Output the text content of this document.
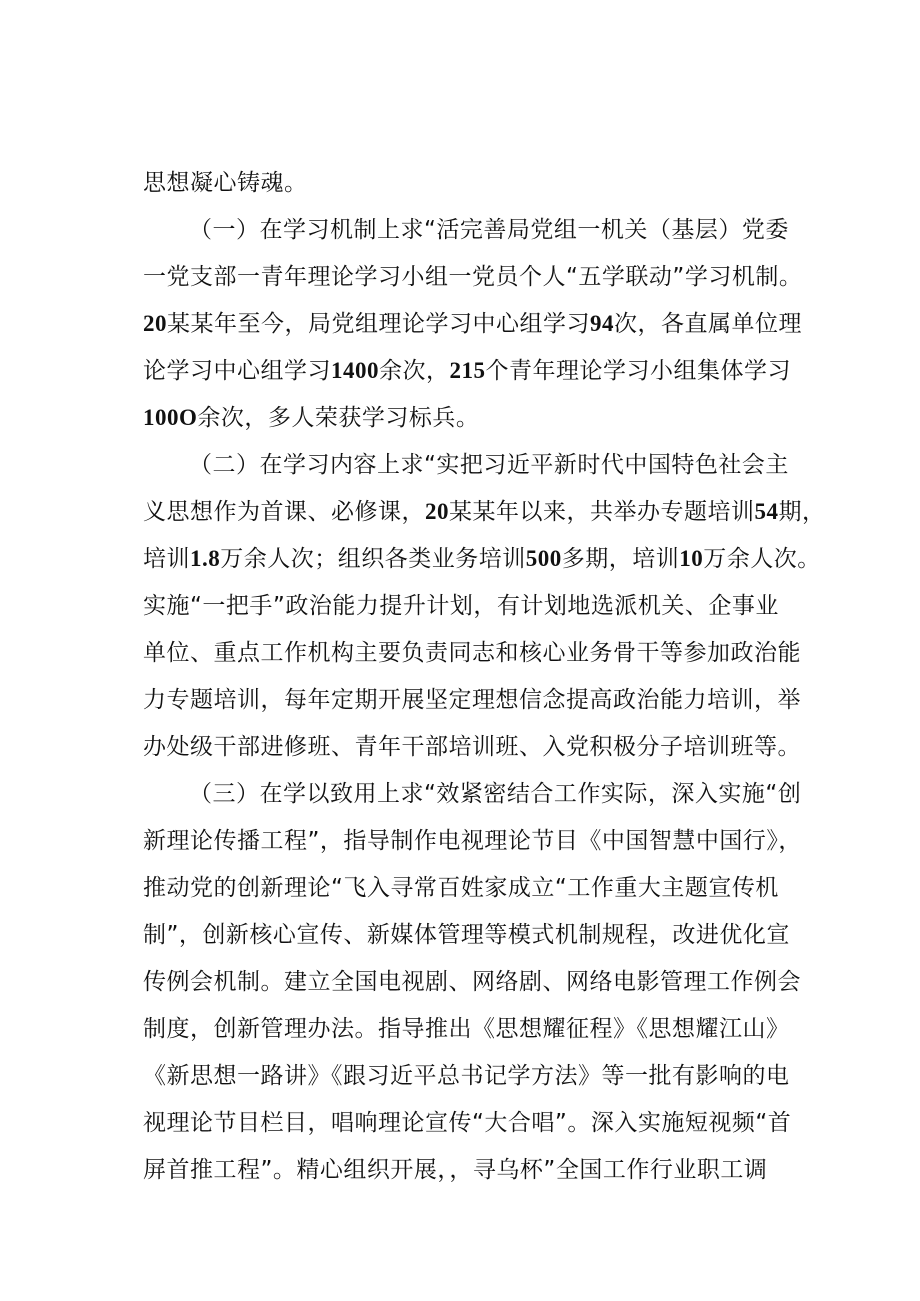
思想凝心铸魂。
（一）在学习机制上求“活完善局党组一机关（基层）党委
一党支部一青年理论学习小组一党员个人“五学联动”学习机制。
20某某年至今，局党组理论学习中心组学习94次，各直属单位理
论学习中心组学习1400余次，215个青年理论学习小组集体学习
100O余次，多人荣获学习标兵。
（二）在学习内容上求“实把习近平新时代中国特色社会主
义思想作为首课、必修课，20某某年以来，共举办专题培训54期，
培训1.8万余人次；组织各类业务培训500多期，培训10万余人次。
实施“一把手”政治能力提升计划，有计划地选派机关、企事业
单位、重点工作机构主要负责同志和核心业务骨干等参加政治能
力专题培训，每年定期开展坚定理想信念提高政治能力培训，举
办处级干部进修班、青年干部培训班、入党积极分子培训班等。
（三）在学以致用上求“效紧密结合工作实际，深入实施“创
新理论传播工程”，指导制作电视理论节目《中国智慧中国行》，
推动党的创新理论“飞入寻常百姓家成立“工作重大主题宣传机
制”，创新核心宣传、新媒体管理等模式机制规程，改进优化宣
传例会机制。建立全国电视剧、网络剧、网络电影管理工作例会
制度，创新管理办法。指导推出《思想耀征程》《思想耀江山》
《新思想一路讲》《跟习近平总书记学方法》等一批有影响的电
视理论节目栏目，唱响理论宣传“大合唱”。深入实施短视频“首
屏首推工程”。精心组织开展，，寻乌杯”全国工作行业职工调
